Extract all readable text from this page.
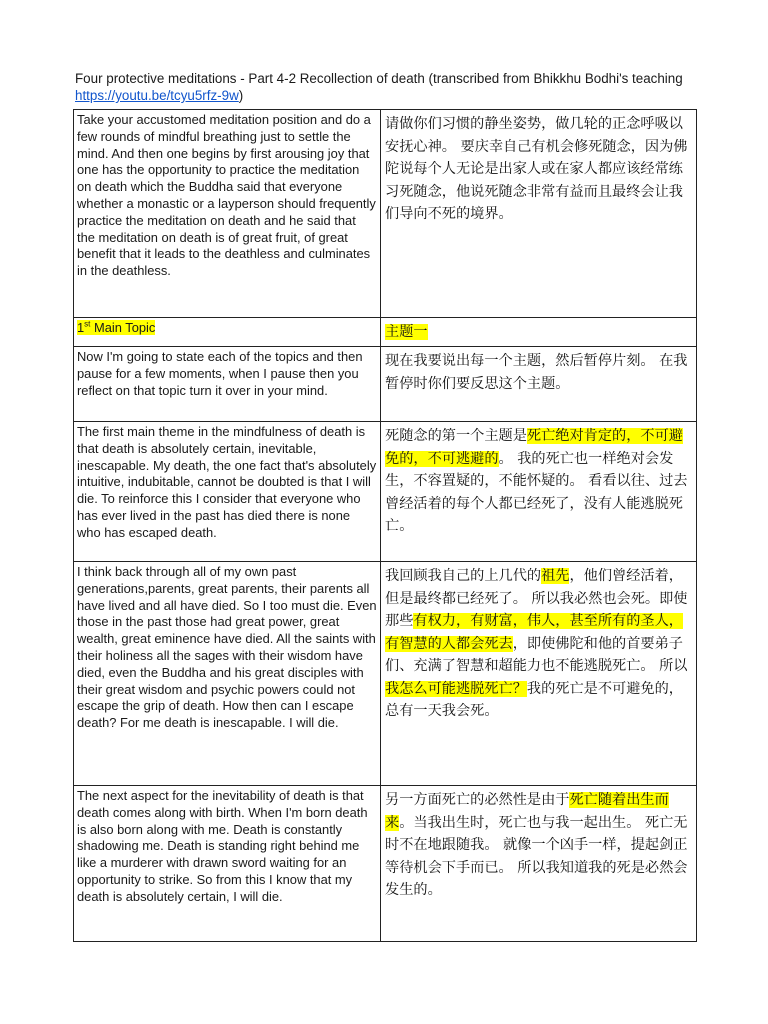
Four protective meditations - Part 4-2 Recollection of death (transcribed from Bhikkhu Bodhi's teaching https://youtu.be/tcyu5rfz-9w)
Take your accustomed meditation position and do a few rounds of mindful breathing just to settle the mind. And then one begins by first arousing joy that one has the opportunity to practice the meditation on death which the Buddha said that everyone whether a monastic or a layperson should frequently practice the meditation on death and he said that the meditation on death is of great fruit, of great benefit that it leads to the deathless and culminates in the deathless.	请做你们习惯的静坐姿势，做几轮的正念呼吸以安抚心神。 要庆幸自己有机会修死随念，因为佛陀说每个人无论是出家人或在家人都应该经常练习死随念，他说死随念非常有益而且最终会让我们导向不死的境界。
1st Main Topic	主题一
Now I'm going to state each of the topics and then pause for a few moments, when I pause then you reflect on that topic turn it over in your mind.	现在我要说出每一个主题，然后暂停片刻。 在我暂停时你们要反思这个主题。
The first main theme in the mindfulness of death is that death is absolutely certain, inevitable, inescapable. My death, the one fact that's absolutely intuitive, indubitable, cannot be doubted is that I will die. To reinforce this I consider that everyone who has ever lived in the past has died there is none who has escaped death.	死随念的第一个主题是死亡绝对肯定的，不可避免的，不可逃避的。 我的死亡也一样绝对会发生，不容置疑的，不能怀疑的。 看看以往、过去曾经活着的每个人都已经死了，没有人能逃脱死亡。
I think back through all of my own past generations,parents, great parents, their parents all have lived and all have died. So I too must die. Even those in the past those had great power, great wealth, great eminence have died. All the saints with their holiness all the sages with their wisdom have died, even the Buddha and his great disciples with their great wisdom and psychic powers could not escape the grip of death. How then can I escape death? For me death is inescapable. I will die.	我回顾我自己的上几代的祖先，他们曾经活着，但是最终都已经死了。 所以我必然也会死。即使那些有权力，有财富，伟人，甚至所有的圣人，有智慧的人都会死去，即使佛陀和他的首要弟子们、充满了智慧和超能力也不能逃脱死亡。 所以我怎么可能逃脱死亡？我的死亡是不可避免的， 总有一天我会死。
The next aspect for the inevitability of death is that death comes along with birth. When I'm born death is also born along with me. Death is constantly shadowing me. Death is standing right behind me like a murderer with drawn sword waiting for an opportunity to strike. So from this I know that my death is absolutely certain, I will die.	另一方面死亡的必然性是由于死亡随着出生而来。当我出生时，死亡也与我一起出生。 死亡无时不在地跟随我。 就像一个凶手一样，提起剑正等待机会下手而已。 所以我知道我的死是必然会发生的。
